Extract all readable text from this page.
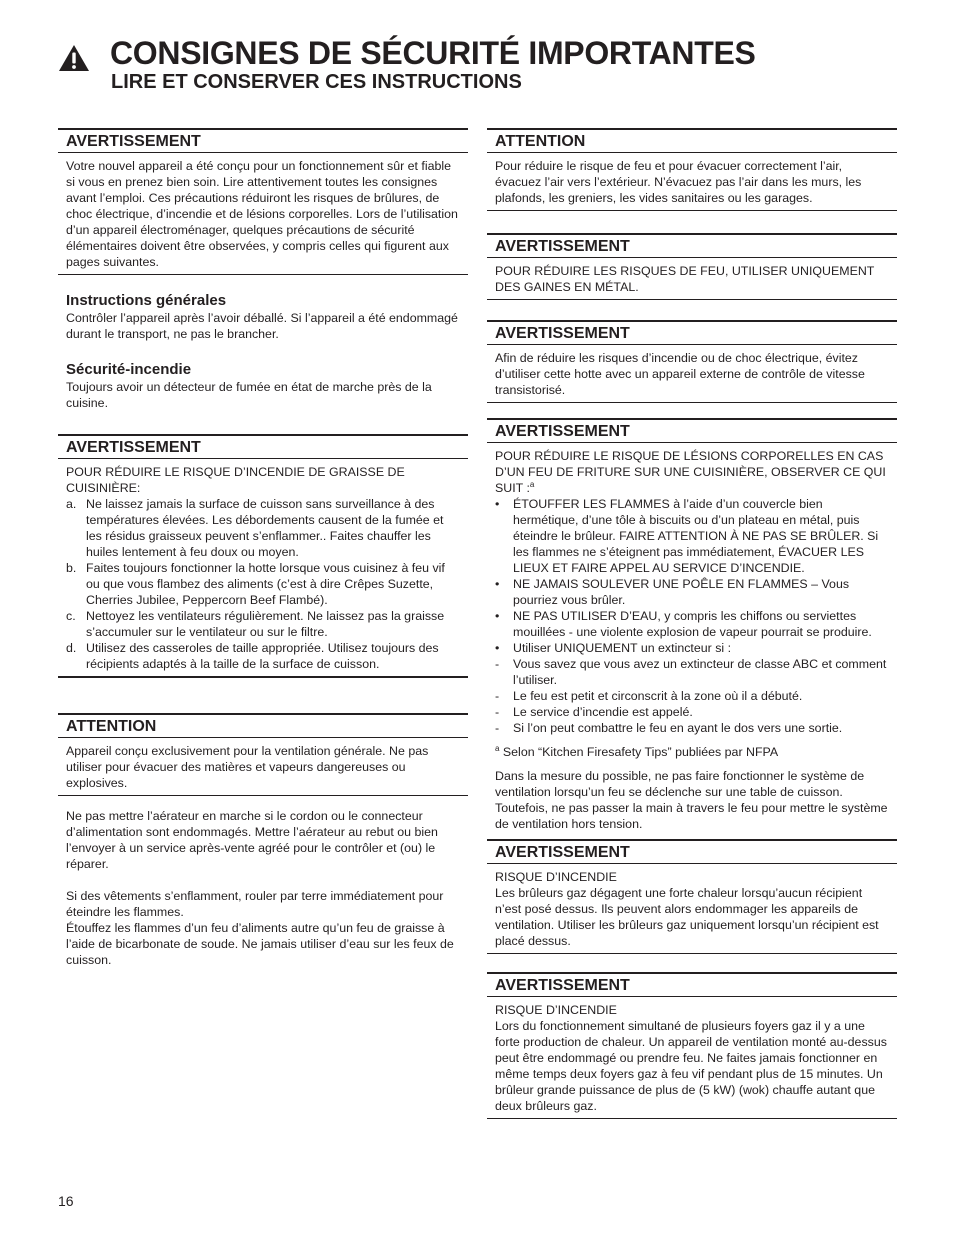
CONSIGNES DE SÉCURITÉ IMPORTANTES
LIRE ET CONSERVER CES INSTRUCTIONS
AVERTISSEMENT

Votre nouvel appareil a été conçu pour un fonctionnement sûr et fiable si vous en prenez bien soin. Lire attentivement toutes les consignes avant l’emploi. Ces précautions réduiront les risques de brûlures, de choc électrique, d’incendie et de lésions corporelles. Lors de l’utilisation d’un appareil électroménager, quelques précautions de sécurité élémentaires doivent être observées, y compris celles qui figurent aux pages suivantes.

Instructions générales

Contrôler l’appareil après l’avoir déballé. Si l’appareil a été endommagé durant le transport, ne pas le brancher.

Sécurité-incendie

Toujours avoir un détecteur de fumée en état de marche près de la cuisine.

AVERTISSEMENT

POUR RÉDUIRE LE RISQUE D’INCENDIE DE GRAISSE DE CUISINIÈRE:

a. Ne laissez jamais la surface de cuisson sans surveillance à des températures élevées. Les débordements causent de la fumée et les résidus graisseux peuvent s’enflammer.. Faites chauffer les huiles lentement à feu doux ou moyen.
b. Faites toujours fonctionner la hotte lorsque vous cuisinez à feu vif ou que vous flambez des aliments (c’est à dire Crêpes Suzette, Cherries Jubilee, Peppercorn Beef Flambé).
c. Nettoyez les ventilateurs régulièrement. Ne laissez pas la graisse s’accumuler sur le ventilateur ou sur le filtre.
d. Utilisez des casseroles de taille appropriée. Utilisez toujours des récipients adaptés à la taille de la surface de cuisson.
ATTENTION

Appareil conçu exclusivement pour la ventilation générale. Ne pas utiliser pour évacuer des matières et vapeurs dangereuses ou explosives.

Ne pas mettre l’aérateur en marche si le cordon ou le connecteur d’alimentation sont endommagés. Mettre l’aérateur au rebut ou bien l’envoyer à un service après-vente agréé pour le contrôler et (ou) le réparer.

Si des vêtements s’enflamment, rouler par terre immédiatement pour éteindre les flammes.

Étouffez les flammes d’un feu d’aliments autre qu’un feu de graisse à l’aide de bicarbonate de soude. Ne jamais utiliser d’eau sur les feux de cuisson.

ATTENTION

Pour réduire le risque de feu et pour évacuer correctement l’air, évacuez l’air vers l’extérieur. N’évacuez pas l’air dans les murs, les plafonds, les greniers, les vides sanitaires ou les garages.

AVERTISSEMENT

POUR RÉDUIRE LES RISQUES DE FEU, UTILISER UNIQUEMENT DES GAINES EN MÉTAL.

AVERTISSEMENT

Afin de réduire les risques d’incendie ou de choc électrique, évitez d’utiliser cette hotte avec un appareil externe de contrôle de vitesse transistorisé.

AVERTISSEMENT

POUR RÉDUIRE LE RISQUE DE LÉSIONS CORPORELLES EN CAS D’UN FEU DE FRITURE SUR UNE CUISINIÈRE, OBSERVER CE QUI SUIT :$^a$

• ÉTOUFFER LES FLAMMES à l’aide d’un couvercle bien hermétique, d’une tôle à biscuits ou d’un plateau en métal, puis éteindre le brûleur. FAIRE ATTENTION À NE PAS SE BRÛLER. Si les flammes ne s’éteignent pas immédiatement, ÉVACUER LES LIEUX ET FAIRE APPEL AU SERVICE D’INCENDIE.
• NE JAMAIS SOULEVER UNE POÊLE EN FLAMMES – Vous pourriez vous brûler.
• NE PAS UTILISER D’EAU, y compris les chiffons ou serviettes mouillées - une violente explosion de vapeur pourrait se produire.
• Utiliser UNIQUEMENT un extincteur si :
- Vous savez que vous avez un extincteur de classe ABC et comment l’utiliser.
- Le feu est petit et circonscrit à la zone où il a débuté.
- Le service d’incendie est appelé.
- Si l’on peut combattre le feu en ayant le dos vers une sortie.

$^a$ Selon “Kitchen Firesafety Tips” publiées par NFPA

Dans la mesure du possible, ne pas faire fonctionner le système de ventilation lorsqu’un feu se déclenche sur une table de cuisson. Toutefois, ne pas passer la main à travers le feu pour mettre le système de ventilation hors tension.

AVERTISSEMENT

RISQUE D’INCENDIE

Les brûleurs gaz dégagent une forte chaleur lorsqu’aucun récipient n’est posé dessus. Ils peuvent alors endommager les appareils de ventilation. Utiliser les brûleurs gaz uniquement lorsqu’un récipient est placé dessus.

AVERTISSEMENT

RISQUE D’INCENDIE

Lors du fonctionnement simultané de plusieurs foyers gaz il y a une forte production de chaleur. Un appareil de ventilation monté au-dessus peut être endommagé ou prendre feu. Ne faites jamais fonctionner en même temps deux foyers gaz à feu vif pendant plus de 15 minutes. Un brûleur grande puissance de plus de (5 kW) (wok) chauffe autant que deux brûleurs gaz.

16
